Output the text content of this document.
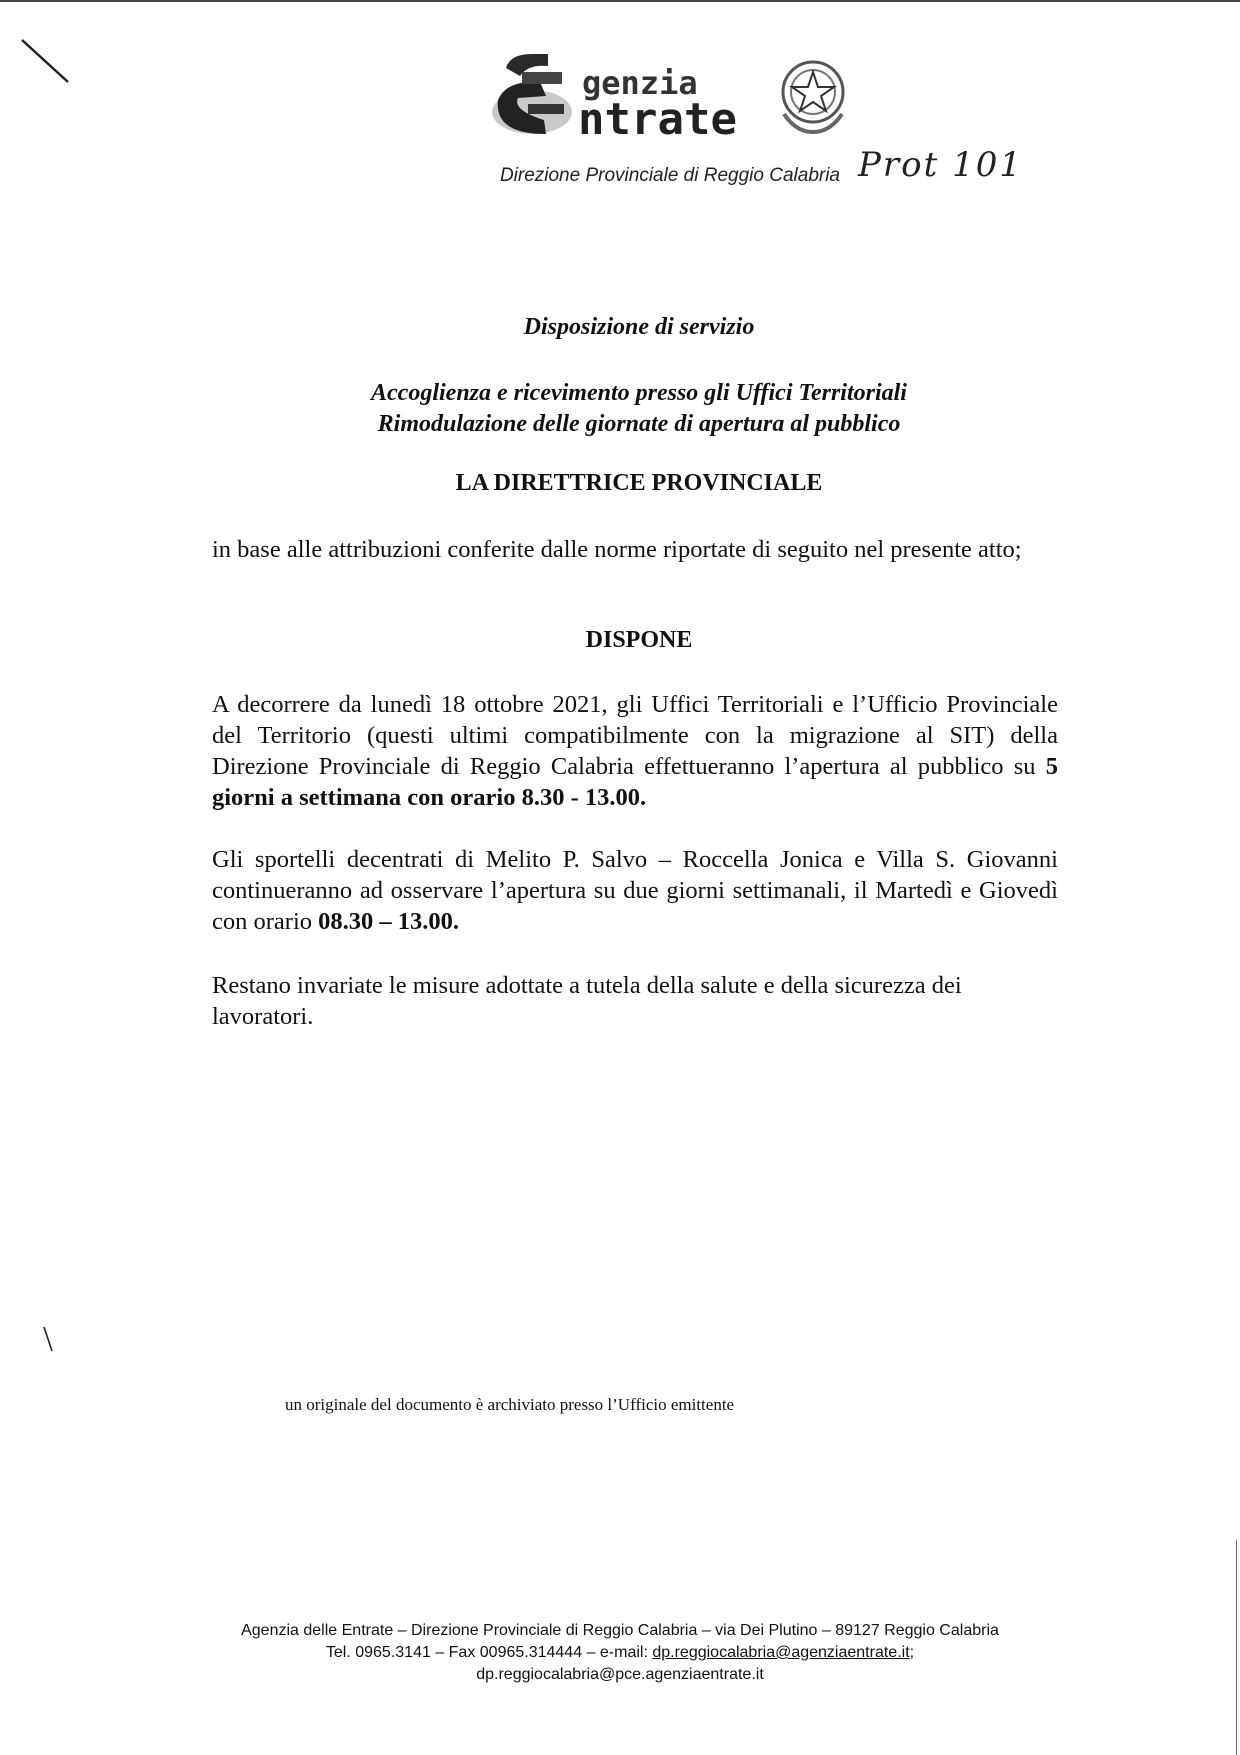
genzia
ntrate
Direzione Provinciale di Reggio Calabria Prot 101
Disposizione di servizio
Accoglienza e ricevimento presso gli Uffici Territoriali
Rimodulazione delle giornate di apertura al pubblico
LA DIRETTRICE PROVINCIALE
in base alle attribuzioni conferite dalle norme riportate di seguito nel presente atto;
DISPONE
A decorrere da lunedì 18 ottobre 2021, gli Uffici Territoriali e l’Ufficio Provinciale del Territorio (questi ultimi compatibilmente con la migrazione al SIT) della Direzione Provinciale di Reggio Calabria effettueranno l’apertura al pubblico su 5 giorni a settimana con orario 8.30 - 13.00.
Gli sportelli decentrati di Melito P. Salvo – Roccella Jonica e Villa S. Giovanni continueranno ad osservare l’apertura su due giorni settimanali, il Martedì e Giovedì con orario 08.30 – 13.00.
Restano invariate le misure adottate a tutela della salute e della sicurezza dei lavoratori.
un originale del documento è archiviato presso l’Ufficio emittente
Agenzia delle Entrate – Direzione Provinciale di Reggio Calabria – via Dei Plutino – 89127 Reggio Calabria
Tel. 0965.3141 – Fax 00965.314444 – e-mail: dp.reggiocalabria@agenziaentrate.it;
dp.reggiocalabria@pce.agenziaentrate.it
